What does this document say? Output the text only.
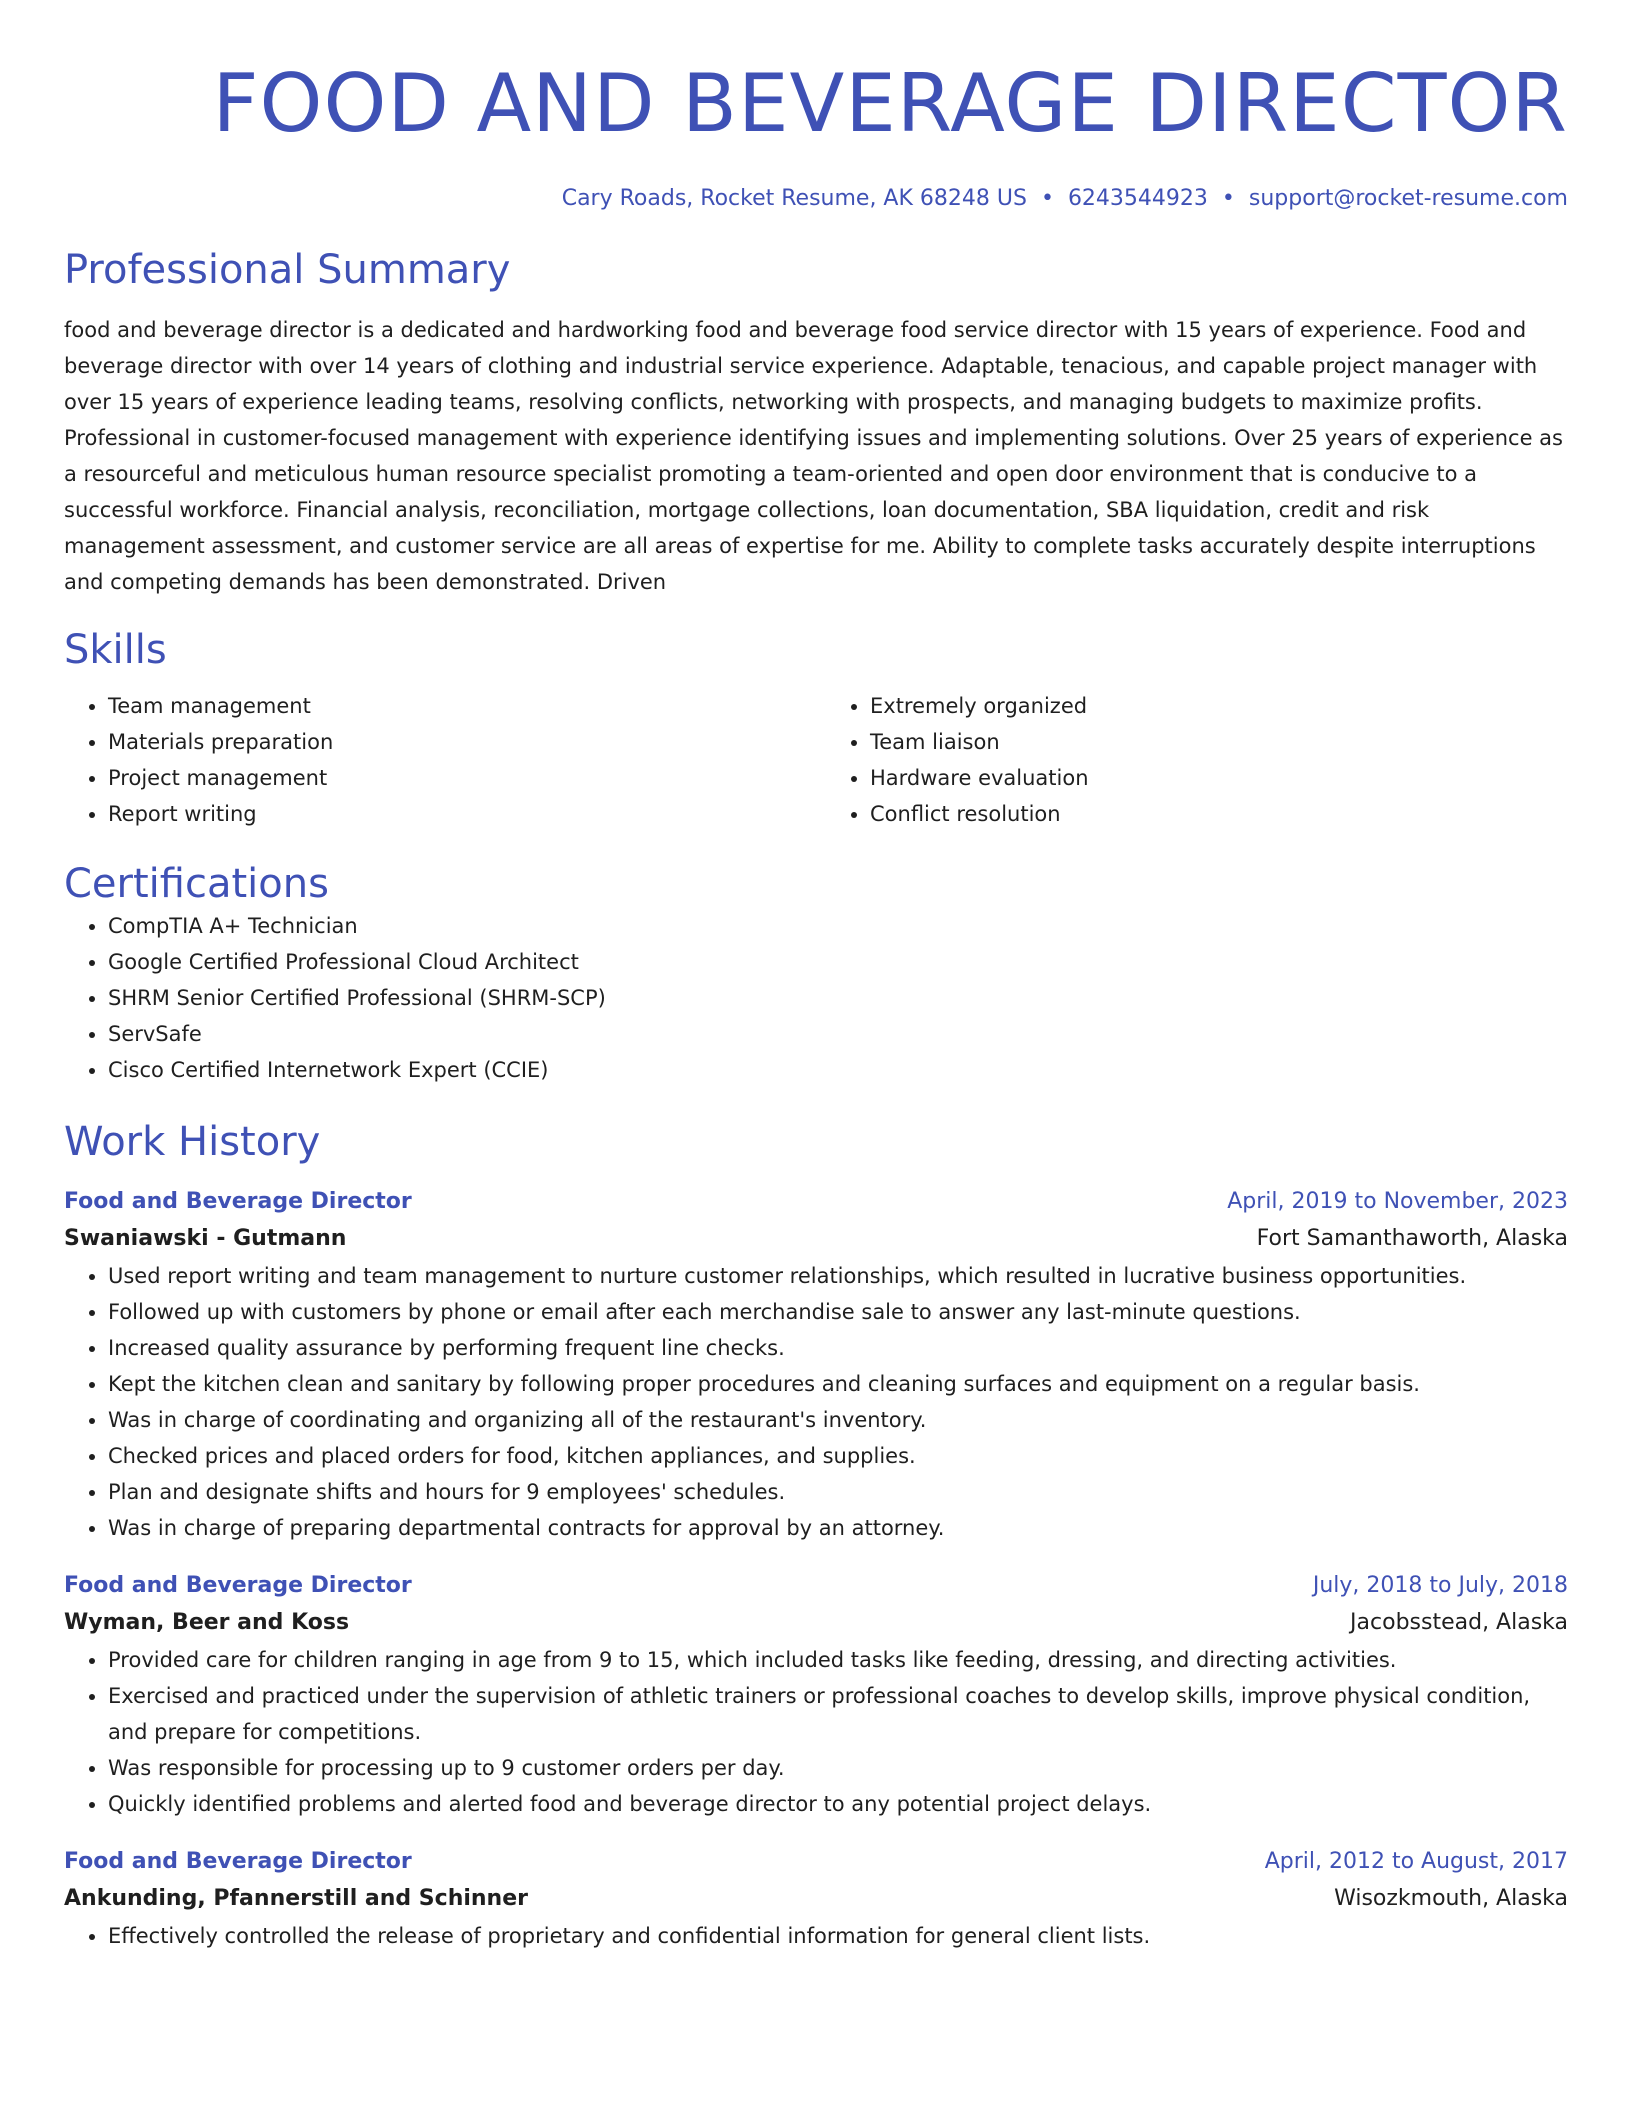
FOOD AND BEVERAGE DIRECTOR
Cary Roads, Rocket Resume, AK 68248 US • 6243544923 • support@rocket-resume.com
Professional Summary

food and beverage director is a dedicated and hardworking food and beverage food service director with 15 years of experience. Food and beverage director with over 14 years of clothing and industrial service experience. Adaptable, tenacious, and capable project manager with over 15 years of experience leading teams, resolving conflicts, networking with prospects, and managing budgets to maximize profits. Professional in customer-focused management with experience identifying issues and implementing solutions. Over 25 years of experience as a resourceful and meticulous human resource specialist promoting a team-oriented and open door environment that is conducive to a successful workforce. Financial analysis, reconciliation, mortgage collections, loan documentation, SBA liquidation, credit and risk management assessment, and customer service are all areas of expertise for me. Ability to complete tasks accurately despite interruptions and competing demands has been demonstrated. Driven

Skills
• Team management
• Materials preparation
• Project management
• Report writing
• Extremely organized
• Team liaison
• Hardware evaluation
• Conflict resolution
Certifications
• CompTIA A+ Technician
• Google Certified Professional Cloud Architect
• SHRM Senior Certified Professional (SHRM-SCP)
• ServSafe
• Cisco Certified Internetwork Expert (CCIE)
Work History
Food and Beverage Director	April, 2019 to November, 2023
Swaniawski - Gutmann	Fort Samanthaworth, Alaska
• Used report writing and team management to nurture customer relationships, which resulted in lucrative business opportunities.
• Followed up with customers by phone or email after each merchandise sale to answer any last-minute questions.
• Increased quality assurance by performing frequent line checks.
• Kept the kitchen clean and sanitary by following proper procedures and cleaning surfaces and equipment on a regular basis.
• Was in charge of coordinating and organizing all of the restaurant's inventory.
• Checked prices and placed orders for food, kitchen appliances, and supplies.
• Plan and designate shifts and hours for 9 employees' schedules.
• Was in charge of preparing departmental contracts for approval by an attorney.
Food and Beverage Director	July, 2018 to July, 2018
Wyman, Beer and Koss	Jacobsstead, Alaska
• Provided care for children ranging in age from 9 to 15, which included tasks like feeding, dressing, and directing activities.
• Exercised and practiced under the supervision of athletic trainers or professional coaches to develop skills, improve physical condition, and prepare for competitions.
• Was responsible for processing up to 9 customer orders per day.
• Quickly identified problems and alerted food and beverage director to any potential project delays.
Food and Beverage Director	April, 2012 to August, 2017
Ankunding, Pfannerstill and Schinner	Wisozkmouth, Alaska
• Effectively controlled the release of proprietary and confidential information for general client lists.
